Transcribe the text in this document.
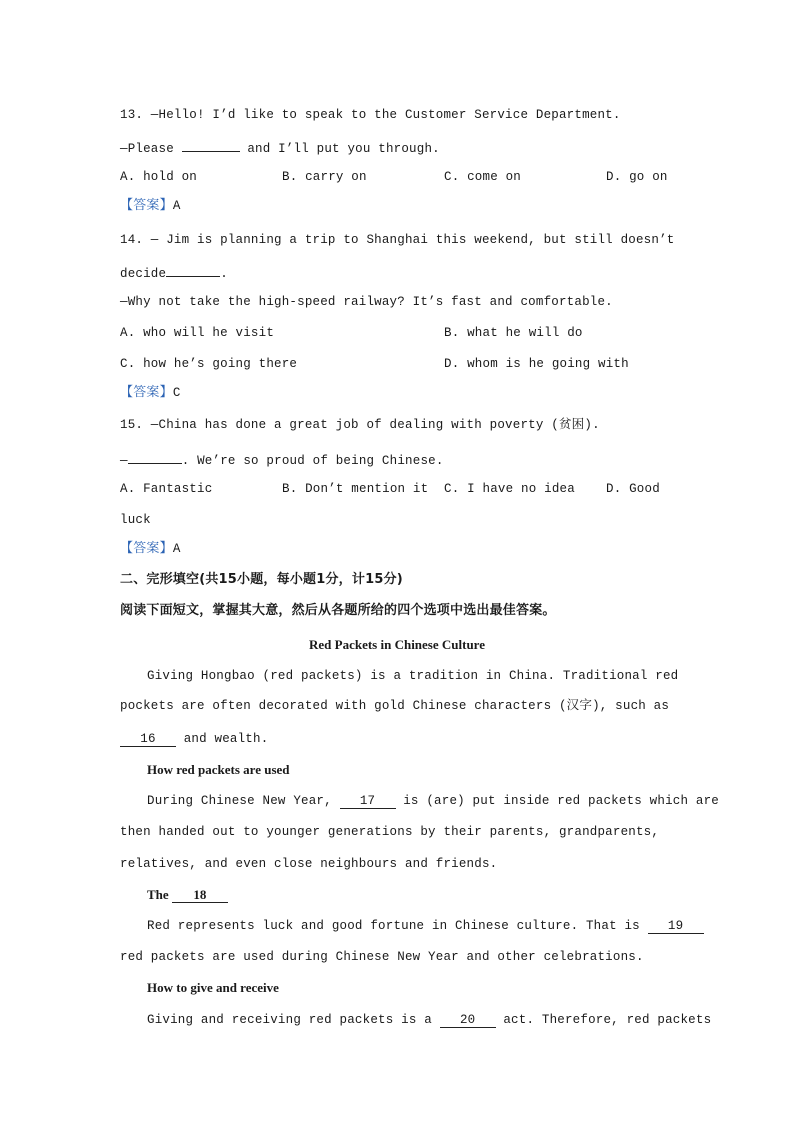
13. —Hello! I’d like to speak to the Customer Service Department.
—Please	and I’ll put you through.
A. hold on	B. carry on	C. come on	D. go on
【答案】A
14. — Jim is planning a trip to Shanghai this weekend, but still doesn’t
decide	.
—Why not take the high-speed railway? It’s fast and comfortable.
A. who will he visit	B. what he will do
C. how he’s going there	D. whom is he going with
【答案】C
15. —China has done a great job of dealing with poverty (贫困).
—	. We’re so proud of being Chinese.
A. Fantastic	B. Don’t mention it C. I have no idea D. Good
luck
【答案】A
二、完形填空(共15小题，每小题1分，计15分)
阅读下面短文，掌握其大意，然后从各题所给的四个选项中选出最佳答案。
Red Packets in Chinese Culture
Giving Hongbao (red packets) is a tradition in China. Traditional red
pockets are often decorated with gold Chinese characters (汉字), such as
16 and wealth.
How red packets are used
During Chinese New Year, 17 is (are) put inside red packets which are
then handed out to younger generations by their parents, grandparents,
relatives, and even close neighbours and friends.
The 18
Red represents luck and good fortune in Chinese culture. That is 19
red packets are used during Chinese New Year and other celebrations.
How to give and receive
Giving and receiving red packets is a 20 act. Therefore, red packets
